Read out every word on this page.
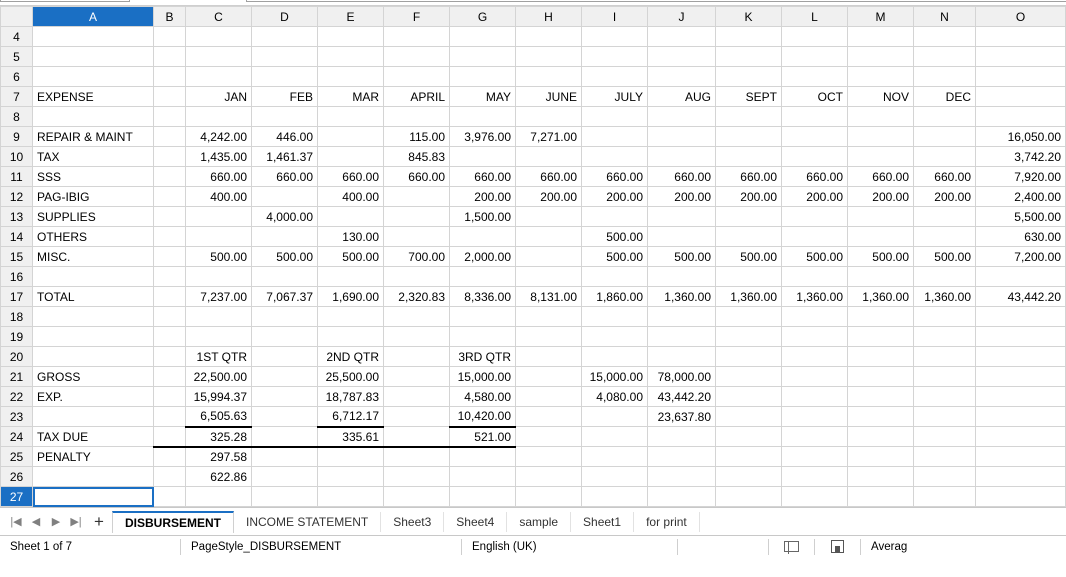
	A	B	C	D	E	F	G	H	I	J	K	L	M	N	O
4															
5															
6															
7	EXPENSE		JAN	FEB	MAR	APRIL	MAY	JUNE	JULY	AUG	SEPT	OCT	NOV	DEC	
8															
9	REPAIR & MAINT		4,242.00	446.00		115.00	3,976.00	7,271.00							16,050.00
10	TAX		1,435.00	1,461.37		845.83									3,742.20
11	SSS		660.00	660.00	660.00	660.00	660.00	660.00	660.00	660.00	660.00	660.00	660.00	660.00	7,920.00
12	PAG-IBIG		400.00		400.00		200.00	200.00	200.00	200.00	200.00	200.00	200.00	200.00	2,400.00
13	SUPPLIES			4,000.00			1,500.00								5,500.00
14	OTHERS				130.00				500.00						630.00
15	MISC.		500.00	500.00	500.00	700.00	2,000.00		500.00	500.00	500.00	500.00	500.00	500.00	7,200.00
16															
17	TOTAL		7,237.00	7,067.37	1,690.00	2,320.83	8,336.00	8,131.00	1,860.00	1,360.00	1,360.00	1,360.00	1,360.00	1,360.00	43,442.20
18															
19															
20			1ST QTR		2ND QTR		3RD QTR								
21	GROSS		22,500.00		25,500.00		15,000.00		15,000.00	78,000.00					
22	EXP.		15,994.37		18,787.83		4,580.00		4,080.00	43,442.20					
23			6,505.63		6,712.17		10,420.00			23,637.80					
24	TAX DUE		325.28		335.61		521.00								
25	PENALTY		297.58												
26			622.86												
27															
|◀ ◀	▶ ▶| +	DISBURSEMENT	INCOME STATEMENT	Sheet3	Sheet4	sample	Sheet1	for print
Sheet 1 of 7	PageStyle_DISBURSEMENT	English (UK)	Averag
